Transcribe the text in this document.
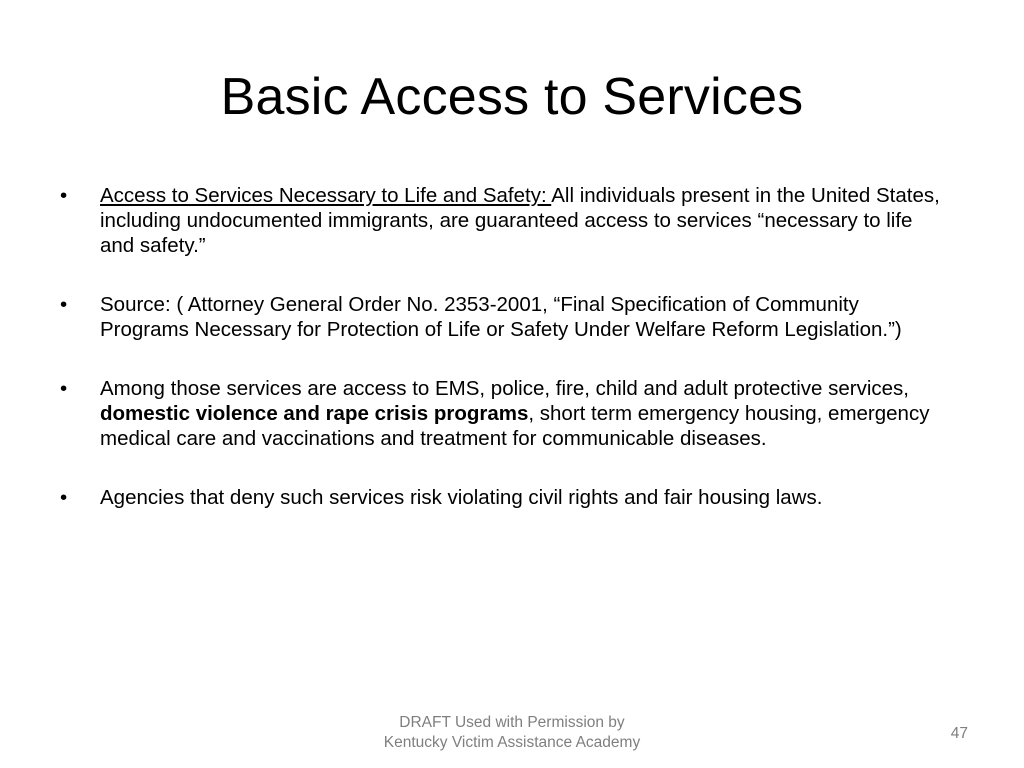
Basic Access to Services
•	Access to Services Necessary to Life and Safety: All individuals present in the United States, including undocumented immigrants, are guaranteed access to services “necessary to life and safety.”
•	Source: ( Attorney General Order No. 2353-2001, “Final Specification of Community Programs Necessary for Protection of Life or Safety Under Welfare Reform Legislation.”)
•	Among those services are access to EMS, police, fire, child and adult protective services, domestic violence and rape crisis programs, short term emergency housing, emergency medical care and vaccinations and treatment for communicable diseases.
•	Agencies that deny such services risk violating civil rights and fair housing laws.
DRAFT Used with Permission by
Kentucky Victim Assistance Academy
47
